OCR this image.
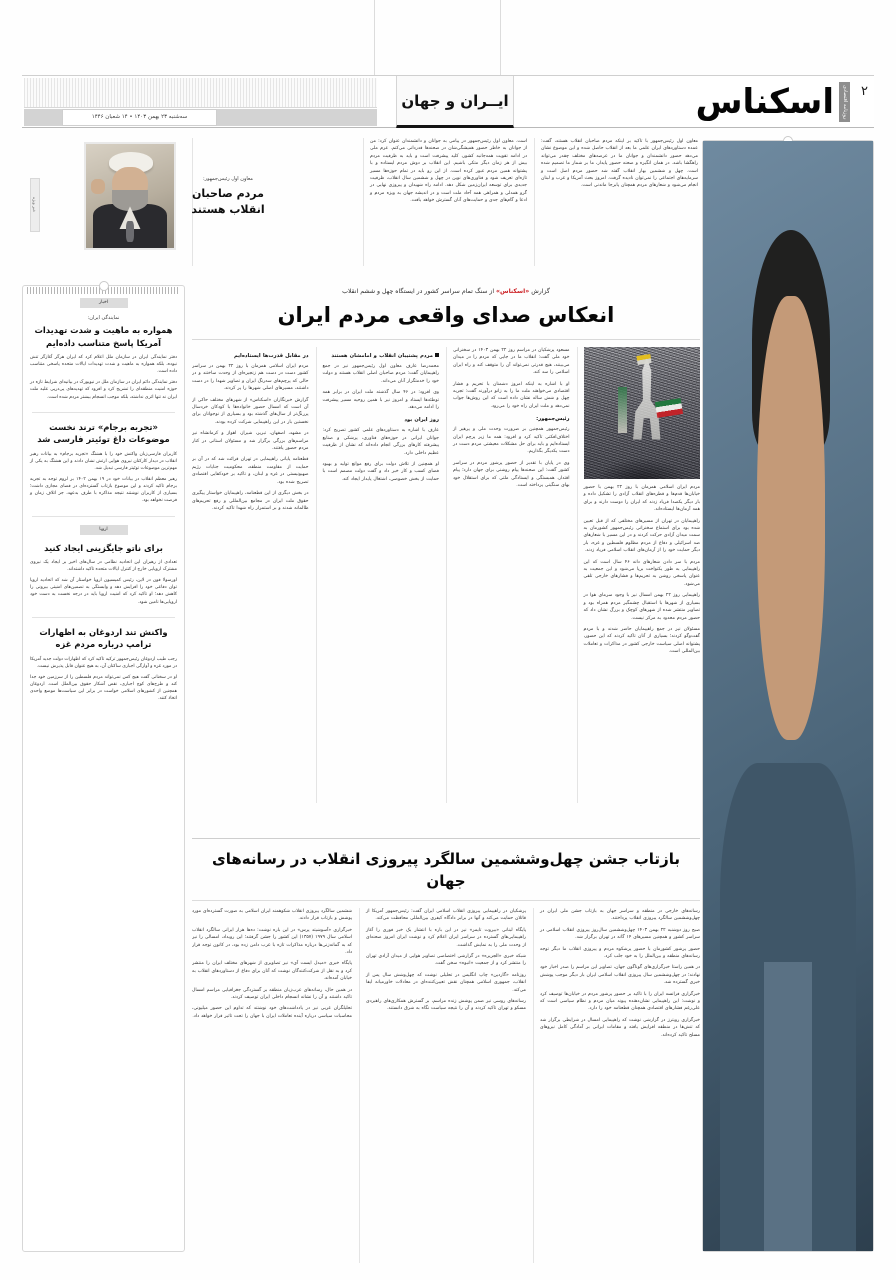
سه‌شنبه ۲۳ بهمن ۱۴۰۳ • ۱۴ شعبان ۱۴۴۶
ایــران و جهان	اسکناس	روزنامه اقتصادی ۲

معاون اول رئیس‌جمهور با تاکید بر اینکه مردم صاحبان انقلاب هستند، گفت: عمده دستاوردهای ایران علمی ما بعد از انقلاب حاصل شده و این موضوع نشان می‌دهد حضور دانشمندان و جوانان ما در عرصه‌های مختلف چقدر می‌تواند راهگشا باشد. در همان انگیزه و صحنه حضور پایدار، ما بر شمار ما تصمیم شده است. چهل و ششمین بهار انقلاب گفته شد حضور مردم اصل است و سرمایه‌های اجتماعی را نمی‌توان نادیده گرفت. امروز بحث آمریکا و غرب و لبنان انجام می‌شود و شعارهای مردم همچنان پابرجا ماندنی است.

است. معاون اول رئیس‌جمهور در پیامی به جوانان و دانشمندان عنوان کرد: من از جوانان به خاطر حضور همیشگی‌شان در صحنه‌ها قدردانی می‌کنم. عزم ملی در ادامه تقویت همه‌جانبه کشور، کلید پیشرفت است و باید به ظرفیت مردم بیش از هر زمان دیگر متکی باشیم. این انقلاب بر دوش مردم ایستاده و با پشتوانه همین مردم عبور کرده است. از این رو باید در تمام حوزه‌ها مسیر تازه‌ای تعریف شود و فناوری‌های نوین در چهل و ششمین سال انقلاب، ظرفیت جدیدی برای توسعه ایران‌زمین شکل دهد. ادامه راه شهیدان و پیروزی نهایی در گرو همدلی و همراهی همه آحاد ملت است و در اندیشه جهان به ویژه مردم و ادعا و گام‌های جدی و حمایت‌های آنان گسترش خواهد یافت.

معاون اول رئیس‌جمهور:
مردم صاحبان انقلاب هستند
خبر ویژه

اخبار
نمایندگی ایران:
همواره به ماهیت و شدت تهدیدات آمریکا پاسخ متناسب داده‌ایم

دفتر نمایندگی ایران در سازمان ملل اعلام کرد که ایران هرگز آغازگر تنش نبوده، بلکه همواره به ماهیت و شدت تهدیدات ایالات متحده پاسخی متناسب داده است.

دفتر نمایندگی دائم ایران در سازمان ملل در نیویورک در بیانیه‌ای شرایط تازه در حوزه امنیت منطقه‌ای را تشریح کرد و افزود که تهدیدهای پی‌در‌پی علیه ملت ایران نه تنها اثری نداشته، بلکه موجب انسجام بیشتر مردم شده است.

«تجربه برجام» ترند نخست موضوعات داغ توئیتر فارسی شد

کاربران فارسی‌زبان واکنش خود را با هشتگ «تجربه برجام» به بیانات رهبر انقلاب در دیدار کارکنان نیروی هوایی ارتش نشان دادند و این هشتگ به یکی از مهم‌ترین موضوعات توئیتر فارسی تبدیل شد.

رهبر معظم انقلاب در بیانات خود در ۱۹ بهمن ۱۴۰۳ بر لزوم توجه به تجربه برجام تاکید کردند و این موضوع بازتاب گسترده‌ای در فضای مجازی داشت؛ بسیاری از کاربران نوشتند نتیجه مذاکره با طرف بدعهد، جز اتلاف زمان و فرصت نخواهد بود.

اروپا
برای ناتو جایگزینی ایجاد کنید

تعدادی از رهبران این اتحادیه نظامی در سال‌های اخیر بر ایجاد یک نیروی مشترک اروپایی خارج از کنترل ایالات متحده تاکید داشته‌اند.

اورسولا فون در لاین، رئیس کمیسیون اروپا خواستار آن شد که اتحادیه اروپا توان دفاعی خود را افزایش دهد و وابستگی به تضمین‌های امنیتی بیرونی را کاهش دهد؛ او تاکید کرد که امنیت اروپا باید در درجه نخست به دست خود اروپایی‌ها تامین شود.

واکنش تند اردوغان به اظهارات ترامپ درباره مردم غزه

رجب طیب اردوغان رئیس‌جمهور ترکیه تاکید کرد که اظهارات دولت جدید آمریکا در مورد غزه و آوارگی اجباری ساکنان آن، به هیچ عنوان قابل پذیرش نیست.

او در سخنانی گفت هیچ کس نمی‌تواند مردم فلسطین را از سرزمین خود جدا کند و طرح‌های کوچ اجباری، نقض آشکار حقوق بین‌الملل است. اردوغان همچنین از کشورهای اسلامی خواست در برابر این سیاست‌ها موضع واحدی اتخاذ کنند.

گزارش «اسکناس» از سنگ تمام سراسر کشور در ایستگاه چهل و ششم انقلاب
انعکاس صدای واقعی مردم ایران

مردم ایران اسلامی همزمان با روز ۲۲ بهمن با حضور خیابان‌ها قدم‌ها و قطره‌های انقلاب آزادی را تشکیل داده و بار دیگر یکصدا فریاد زدند که ایران را دوست دارند و برای همه آرمان‌ها ایستاده‌اند.

راهپیمایان در تهران از مسیرهای مختلفی که از قبل تعیین شده بود برای استماع سخنرانی رئیس‌جمهور کشورمان به سمت میدان آزادی حرکت کردند و در این مسیر با شعارهای ضد اسرائیلی و دفاع از مردم مظلوم فلسطین و غزه، بار دیگر حمایت خود را از آرمان‌های انقلاب اسلامی فریاد زدند.

مردم با سر دادن شعارهای دانه ۴۶ سال است که این راهپیمایی به طور یکنواخت برپا می‌شود و این جمعیت به عنوان پاسخی روشن به تحریم‌ها و فشارهای خارجی تلقی می‌شود.

راهپیمایی روز ۲۲ بهمن امسال نیز با وجود سرمای هوا در بسیاری از شهرها با استقبال چشمگیر مردم همراه بود و تصاویر منتشر شده از شهرهای کوچک و بزرگ نشان داد که حضور مردم محدود به مرکز نیست.

مسئولان نیز در جمع راهپیمایان حاضر شدند و با مردم گفت‌وگو کردند؛ بسیاری از آنان تاکید کردند که این حضور، پشتوانه اصلی سیاست خارجی کشور در مذاکرات و تعاملات بین‌المللی است.

مسعود پزشکیان در مراسم روز ۲۲ بهمن ۱۴۰۳ در سخنرانی خود ملی گفت: انقلاب ما در جایی که مردم را در میدان می‌بینند، هیچ قدرتی نمی‌تواند آن را متوقف کند و راه ایران اسلامی را سد کند.

او با اشاره به اینکه امروز دشمنان با تحریم و فشار اقتصادی می‌خواهند ملت ما را به زانو درآورند گفت: تجربه چهل و شش ساله نشان داده است که این روش‌ها جواب نمی‌دهد و ملت ایران راه خود را می‌رود.

رئیس‌جمهور:

رئیس‌جمهور همچنین بر ضرورت وحدت ملی و پرهیز از اختلاف‌افکنی تاکید کرد و افزود: همه ما زیر پرچم ایران ایستاده‌ایم و باید برای حل مشکلات معیشتی مردم دست در دست یکدیگر بگذاریم.

وی در پایان با تقدیر از حضور پرشور مردم در سراسر کشور گفت: این صحنه‌ها پیام روشنی برای جهان دارد؛ پیام اقتدار، همبستگی و ایستادگی ملتی که برای استقلال خود بهای سنگینی پرداخته است.

مردم پشتیبان انقلاب و امامشان هستند

محمدرضا عارف معاون اول رئیس‌جمهور نیز در جمع راهپیمایان گفت: مردم صاحبان اصلی انقلاب هستند و دولت خود را خدمتگزار آنان می‌داند.

وی افزود: در ۴۶ سال گذشته ملت ایران در برابر همه توطئه‌ها ایستاد و امروز نیز با همین روحیه مسیر پیشرفت را ادامه می‌دهد.

روز ایران بود

عارف با اشاره به دستاوردهای علمی کشور تصریح کرد: جوانان ایرانی در حوزه‌های فناوری، پزشکی و صنایع پیشرفته کارهای بزرگی انجام داده‌اند که نشان از ظرفیت عظیم داخلی دارد.

او همچنین از تلاش دولت برای رفع موانع تولید و بهبود فضای کسب و کار خبر داد و گفت دولت مصمم است با حمایت از بخش خصوصی، اشتغال پایدار ایجاد کند.

در مقابل قدرت‌ها ایستاده‌ایم

مردم ایران اسلامی همزمان با روز ۲۲ بهمن در سراسر کشور دست در دست هم زنجیره‌ای از وحدت ساختند و در حالی که پرچم‌های سه‌رنگ ایران و تصاویر شهدا را در دست داشتند، مسیرهای اصلی شهرها را پر کردند.

گزارش خبرنگاران «اسکناس» از شهرهای مختلف حاکی از آن است که امسال حضور خانواده‌ها با کودکان خردسال پررنگ‌تر از سال‌های گذشته بود و بسیاری از نوجوانان برای نخستین بار در این راهپیمایی شرکت کرده بودند.

در مشهد، اصفهان، تبریز، شیراز، اهواز و کرمانشاه نیز مراسم‌های بزرگی برگزار شد و مسئولان استانی در کنار مردم حضور یافتند.

قطعنامه پایانی راهپیمایی در تهران قرائت شد که در آن بر حمایت از مقاومت منطقه، محکومیت جنایات رژیم صهیونیستی در غزه و لبنان، و تاکید بر خودکفایی اقتصادی تصریح شده بود.

در بخش دیگری از این قطعنامه، راهپیمایان خواستار پیگیری حقوق ملت ایران در مجامع بین‌المللی و رفع تحریم‌های ظالمانه شدند و بر استمرار راه شهدا تاکید کردند.

بازتاب جشن چهل‌وششمین سالگرد پیروزی انقلاب در رسانه‌های جهان

رسانه‌های خارجی در منطقه و سراسر جهان به بازتاب جشن ملی ایران در چهل‌وششمین سالگرد پیروزی انقلاب پرداختند.

صبح روز دوشنبه ۲۲ بهمن ۱۴۰۳ چهل‌وششمین سال‌روز پیروزی انقلاب اسلامی در سراسر کشور و همچنین مسیرهای ۱۴ گانه در تهران برگزار شد.

حضور پرشور کشورمان با حضور پرشکوه مردم و پیروزی انقلاب ما دیگر توجه رسانه‌های منطقه و بین‌الملل را به خود جلب کرد.

در همین راستا خبرگزاری‌های گوناگون جهان، تصاویر این مراسم را صدر اخبار خود نهادند؛ در چهل‌وششمین سال پیروزی انقلاب اسلامی ایران بار دیگر موجب پوشش خبری گسترده شد.

خبرگزاری فرانسه ایران را با تاکید بر حضور پرشور مردم در خیابان‌ها توصیف کرد و نوشت: این راهپیمایی نشان‌دهنده پیوند میان مردم و نظام سیاسی است که علی‌رغم فشارهای اقتصادی همچنان قطعنامه خود را دارد.

خبرگزاری رویترز در گزارشی نوشت که راهپیمایی امسال در شرایطی برگزار شد که تنش‌ها در منطقه افزایش یافته و مقامات ایرانی بر آمادگی کامل نیروهای مسلح تاکید کرده‌اند.

پزشکیان در راهپیمایی پیروزی انقلاب اسلامی ایران گفت: رئیس‌جمهور آمریکا از قاتلان حمایت می‌کند و آنها در برابر دادگاه کیفری بین‌المللی محافظت می‌کند.

پایگاه لبنانی «بیروت تایمز» نیز در این باره با انتشار یک خبر فوری را آغاز راهپیمایی‌های گسترده در سراسر ایران اعلام کرد و نوشت ایران امروز صحنه‌ای از وحدت ملی را به نمایش گذاشت.

شبکه خبری «الجزیره» در گزارشی اختصاصی تصاویر هوایی از میدان آزادی تهران را منتشر کرد و از جمعیت «انبوه» سخن گفت.

روزنامه «گاردین» چاپ انگلیس در تحلیلی نوشت که چهل‌وشش سال پس از انقلاب، جمهوری اسلامی همچنان نقش تعیین‌کننده‌ای در معادلات خاورمیانه ایفا می‌کند.

رسانه‌های روسی نیز ضمن پوشش زنده مراسم، بر گسترش همکاری‌های راهبردی مسکو و تهران تاکید کردند و آن را نتیجه سیاست نگاه به شرق دانستند.

ششمین سالگرد پیروزی انقلاب شکوهمند ایران اسلامی به صورت گسترده‌ای مورد پوشش و بازتاب قرار دادند.

خبرگزاری «آسوشیتد پرس» در این باره نوشت: ده‌ها هزار ایرانی سالگرد انقلاب اسلامی سال ۱۹۷۹ (۱۳۵۷) این کشور را جشن گرفتند؛ این رویداد، امسالی را نیز که به گمانه‌زنی‌ها درباره مذاکرات تازه با غرب دامن زده بود، در کانون توجه قرار داد.

پایگاه خبری «میدل ایست آی» نیز تصاویری از شهرهای مختلف ایران را منتشر کرد و به نقل از شرکت‌کنندگان نوشت که آنان برای دفاع از دستاوردهای انقلاب به خیابان آمده‌اند.

در همین حال، رسانه‌های عرب‌زبان منطقه بر گستردگی جغرافیایی مراسم امسال تاکید داشتند و آن را نشانه انسجام داخلی ایران توصیف کردند.

تحلیلگران غربی نیز در یادداشت‌های خود نوشتند که تداوم این حضور میلیونی، محاسبات سیاسی درباره آینده تعاملات ایران با جهان را تحت تاثیر قرار خواهد داد.
